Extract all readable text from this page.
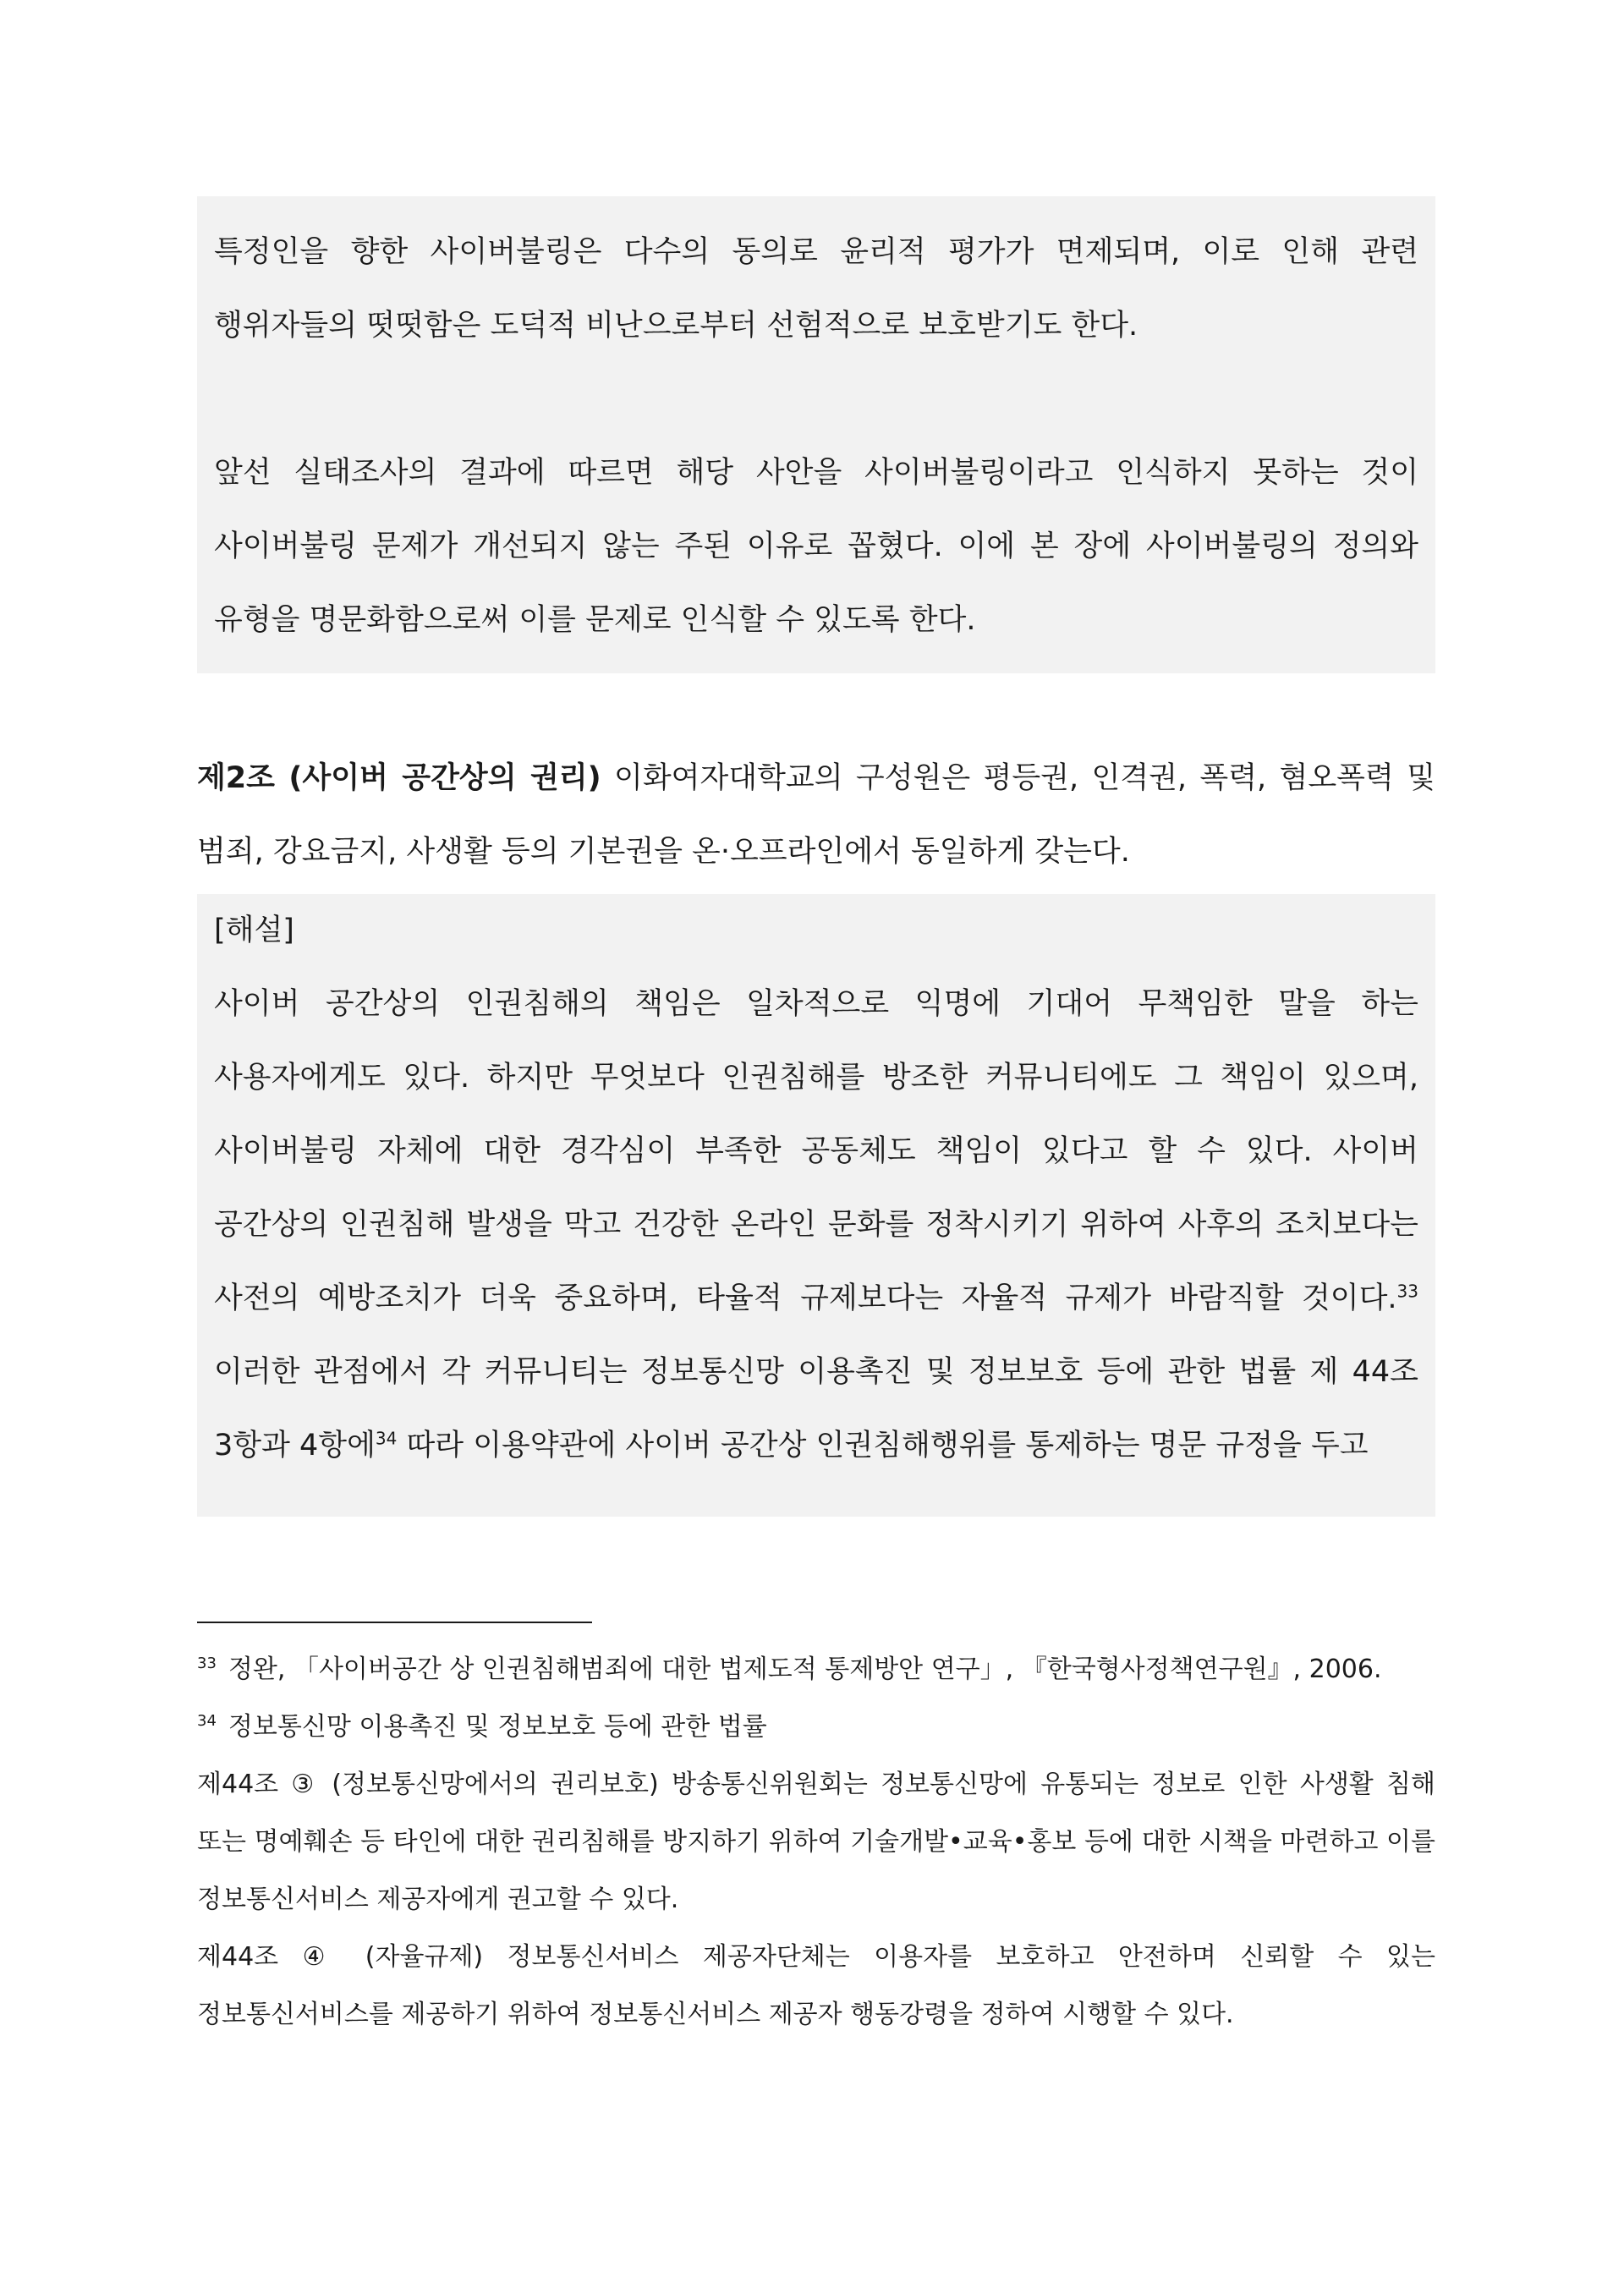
특정인을 향한 사이버불링은 다수의 동의로 윤리적 평가가 면제되며, 이로 인해 관련 행위자들의 떳떳함은 도덕적 비난으로부터 선험적으로 보호받기도 한다.

앞선 실태조사의 결과에 따르면 해당 사안을 사이버불링이라고 인식하지 못하는 것이 사이버불링 문제가 개선되지 않는 주된 이유로 꼽혔다. 이에 본 장에 사이버불링의 정의와 유형을 명문화함으로써 이를 문제로 인식할 수 있도록 한다.

제2조 (사이버 공간상의 권리) 이화여자대학교의 구성원은 평등권, 인격권, 폭력, 혐오폭력 및 범죄, 강요금지, 사생활 등의 기본권을 온·오프라인에서 동일하게 갖는다.

[해설]

사이버 공간상의 인권침해의 책임은 일차적으로 익명에 기대어 무책임한 말을 하는 사용자에게도 있다. 하지만 무엇보다 인권침해를 방조한 커뮤니티에도 그 책임이 있으며, 사이버불링 자체에 대한 경각심이 부족한 공동체도 책임이 있다고 할 수 있다. 사이버 공간상의 인권침해 발생을 막고 건강한 온라인 문화를 정착시키기 위하여 사후의 조치보다는 사전의 예방조치가 더욱 중요하며, 타율적 규제보다는 자율적 규제가 바람직할 것이다.$^{33}$ 이러한 관점에서 각 커뮤니티는 정보통신망 이용촉진 및 정보보호 등에 관한 법률 제 44조 3항과 4항에$^{34}$ 따라 이용약관에 사이버 공간상 인권침해행위를 통제하는 명문 규정을 두고

$^{33}$ 정완, 「사이버공간 상 인권침해범죄에 대한 법제도적 통제방안 연구」, 『한국형사정책연구원』, 2006.

$^{34}$ 정보통신망 이용촉진 및 정보보호 등에 관한 법률

제44조 ③ (정보통신망에서의 권리보호) 방송통신위원회는 정보통신망에 유통되는 정보로 인한 사생활 침해 또는 명예훼손 등 타인에 대한 권리침해를 방지하기 위하여 기술개발•교육•홍보 등에 대한 시책을 마련하고 이를 정보통신서비스 제공자에게 권고할 수 있다.

제44조 ④ (자율규제) 정보통신서비스 제공자단체는 이용자를 보호하고 안전하며 신뢰할 수 있는 정보통신서비스를 제공하기 위하여 정보통신서비스 제공자 행동강령을 정하여 시행할 수 있다.
